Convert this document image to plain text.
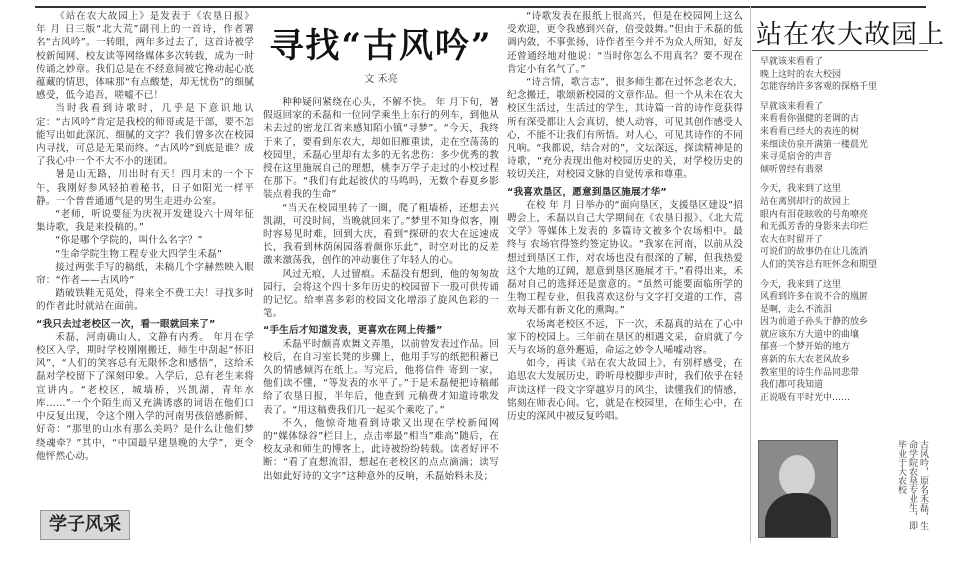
《站在农大故园上》是发表于《农垦日报》 年 月 日三版“北大荒”副刊上的一首诗，作者署名“古风吟”。一转眼，两年多过去了，这首诗被学校新闻网、校友读等网络媒体多次转载，成为一时传诵之妙章。我们总是在不经意间被它搀动起心底蕴藏的情思，体味那“有点酸楚，却无忧伤”的细腻感受，低今追吾，嗟嘘不已！

当时我看到诗歌时，几乎是下意识地认定：“古风吟”肯定是我校的师哥或是干部，要不怎能写出如此深沉、细腻的文字？我们曾多次在校园内寻找，可总是无果而终。“古风吟”到底是谁？成了我心中一个不大不小的迷团。

暑是山无路，川出时有天！四月末的一个下午，我刚好参风轻拍着秘书，日子如阳光一样平静。一个普普通通气是的男生走进办公室。

“老师，听说要征为庆祝开发建设六十周年征集诗歌，我是来投稿的。”

“你是哪个学院的，叫什么名字？”

“生命学院生物工程专业大四学生禾磊”

接过两张手写的稿纸，未稿几个字赫然映入眼帘：“作者——古风吟”

踏破铁鞋无觅处，得来全不费工夫！寻找多时的作者此时就站在面前。

“我只去过老校区一次，看一眼就回来了”

禾磊，河南确山人，文静有内秀。 年月在学校区入学，期时学校刚刚搬迁，师生中刮起“怀旧风”，“人们的笑容总有无限怀念和感悟”，这给禾磊对学校留下了深刻印象。入学后，总有老生来将宣讲内。“老校区，城墙桥，兴凯湖，青年水库……”一个个陌生而又充满诱惑的词语在他们口中反复出现，令这个刚入学的河南男孩倍感新鲜、好奇：“那里的山水有那么美吗？是什么让他们梦绕魂牵？”其中，“中国最早建垦晚的大学”，更令他怦然心动。

寻找“古风吟”
文 禾亮

种种疑问紧绕在心头，不解不快。 年 月下旬，暑假返回家的禾磊和一位同学乘坐上东行的列车，到他从未去过的密龙江省来感知陌小镇“寻梦”。“今天，我终于来了，要看到东农大，却如旧雁重读，走在空荡荡的校园里，禾磊心里却有太多的无名悲伤：多少优秀的教授在这里施展自己的理想，桃李万学子走过的小校过程在那下。“我们有此起彼伏的马鸣吗，无数个春夏乡影装点着我的生命”

“当天在校园里转了一圈，爬了粗墙桥，还想去兴凯湖，可没时间，当晚就回来了。”梦里不知身似客，刚时容易见时难，回到大庆，看到“探研的农大在远速成长，我看到林荫闲园落着颜你乐此”，时空对比的反差激来激荡我，创作的冲动裹住了年轻人的心。

风过无痕，人过留痕。禾磊没有想到，他的匆匆故园行，会将这个四十多年历史的校园留下一股可供传诵的记忆。给率喜多彩的校园文化增添了旋风色彩的一笔。

“手生后才知道发表，更喜欢在网上传播”

禾磊平时颇喜欢舞文弄墨，以前曾发表过作品。回校后，在自习室长凳的步骤上，他用手写的纸把积蓄已久的情感倾泻在纸上。写完后，他将信件 寄到一家，他们读不懂，“等发表的水平了。”于是禾磊便把诗稿邮给了农垦日报，半年后，他查到 元稿费才知道诗歌发表了。“用这稿费我们几一起买个乘吃了。”

不久，他惊奇地看到诗歌又出现在学校新闻网的“媒体绿谷”栏目上，点击率最“相当”难高”随后，在校友录和师生的博客上，此诗被纷纷转载。读者好评不断：“看了直想流泪，想起在老校区的点点滴滴；读写出如此好诗的文字”这种意外的反响，禾磊始料未及；

“诗歌发表在报纸上很高兴，但是在校园网上这么受欢迎，更令我感到兴奋，倍受鼓舞。”但由于禾磊的低调内敛，不事张扬，诗作者至今并不为众人所知，好友还曾通经地对他说：“当时你怎么不用真名？要不现在肯定小有名气了。”

“诗言情，歌言志”，很多师生都在过怀念老农大，纪念搬迁，歌颂新校园的文章作品。但一个从未在农大校区生活过，生活过的学生，其诗篇一首的诗作竟获得所有深受都让人会真切，使人动容，可见其创作感受人心，不能不让我们有所悟。对人心，可见其诗作的不同凡响。“我都说，结合对的”，文坛深远，探读精神是的诗歌，“充分表现出他对校园历史的关，对学校历史的较切关注，对校园文脉的自觉传承和尊重。

“我喜欢垦区，愿意到垦区施展才华”

在校 年 月 日举办的“面向垦区，支援垦区建设”招聘会上，禾磊以自己大学期间在《农垦日报》、《北大荒文学》等媒体上发表的 多篇诗文被多个农场相中。最终与 农场官得签约签定协议。“我家在河南，以前从没想过到垦区工作，对农场也没有很深的了解，但我热爱这个大地的辽阔，愿意到垦区施展才干。”看得出来，禾磊对自己的选择还是蛮意的。“虽然可能要面临所学的生物工程专业，但我喜欢这份与文字打交道的工作，喜欢每天都有新文化的熏陶。”

农场离老校区不远，下一次，禾磊真的站在了心中家下的校园上。三年前在垦区的相遇文采，奋肩就了今天与农场的意外邂逅，命运之妙令人唏嘘动容。

如今，再读《站在农大故园上》，有别样感受，在追思农大发展历史，聆听母校脚步声时，我们依乎在轻声读这样一段文字穿越岁月的风尘，读懂我们的情感，铭刻在师表心间。它，就是在校园里，在师生心中，在历史的深风中被反复吟唱。

学子风采
站在农大故园上

早就该来看看了

晚上这时的农大校园

怎能容纳许多客观的探格千里

早就该来看看了

来看看你强健的老调的古

来看看已经大的表连的树

来细读仿泉开满第一楼晨光

来寻觅宿舍的声音

倾听曾经有翡翠

今天，我来到了这里

站在离别却行的故园上

眼内有泪花眩收的号角嘹亮

和无孤芳香的身影来去印烂

农大在时留开了

可说们的故事仍在让几流消

人们的笑容总有旺怀念和期望

今天，我来到了这里

风看到许多在说不合的凰匿

是啊，走么不流泪

因为前道子孙头于静的放乡

就应该东方大道中的曲壤

郁喜一个梦开始的地方

喜新的东大农老风故乡

教室里的诗生作品同悲带

我们都可我知道

正说吸有平时光中……

古风吟，原名禾磊，生命学院农垦专业生，即毕业于大农校
